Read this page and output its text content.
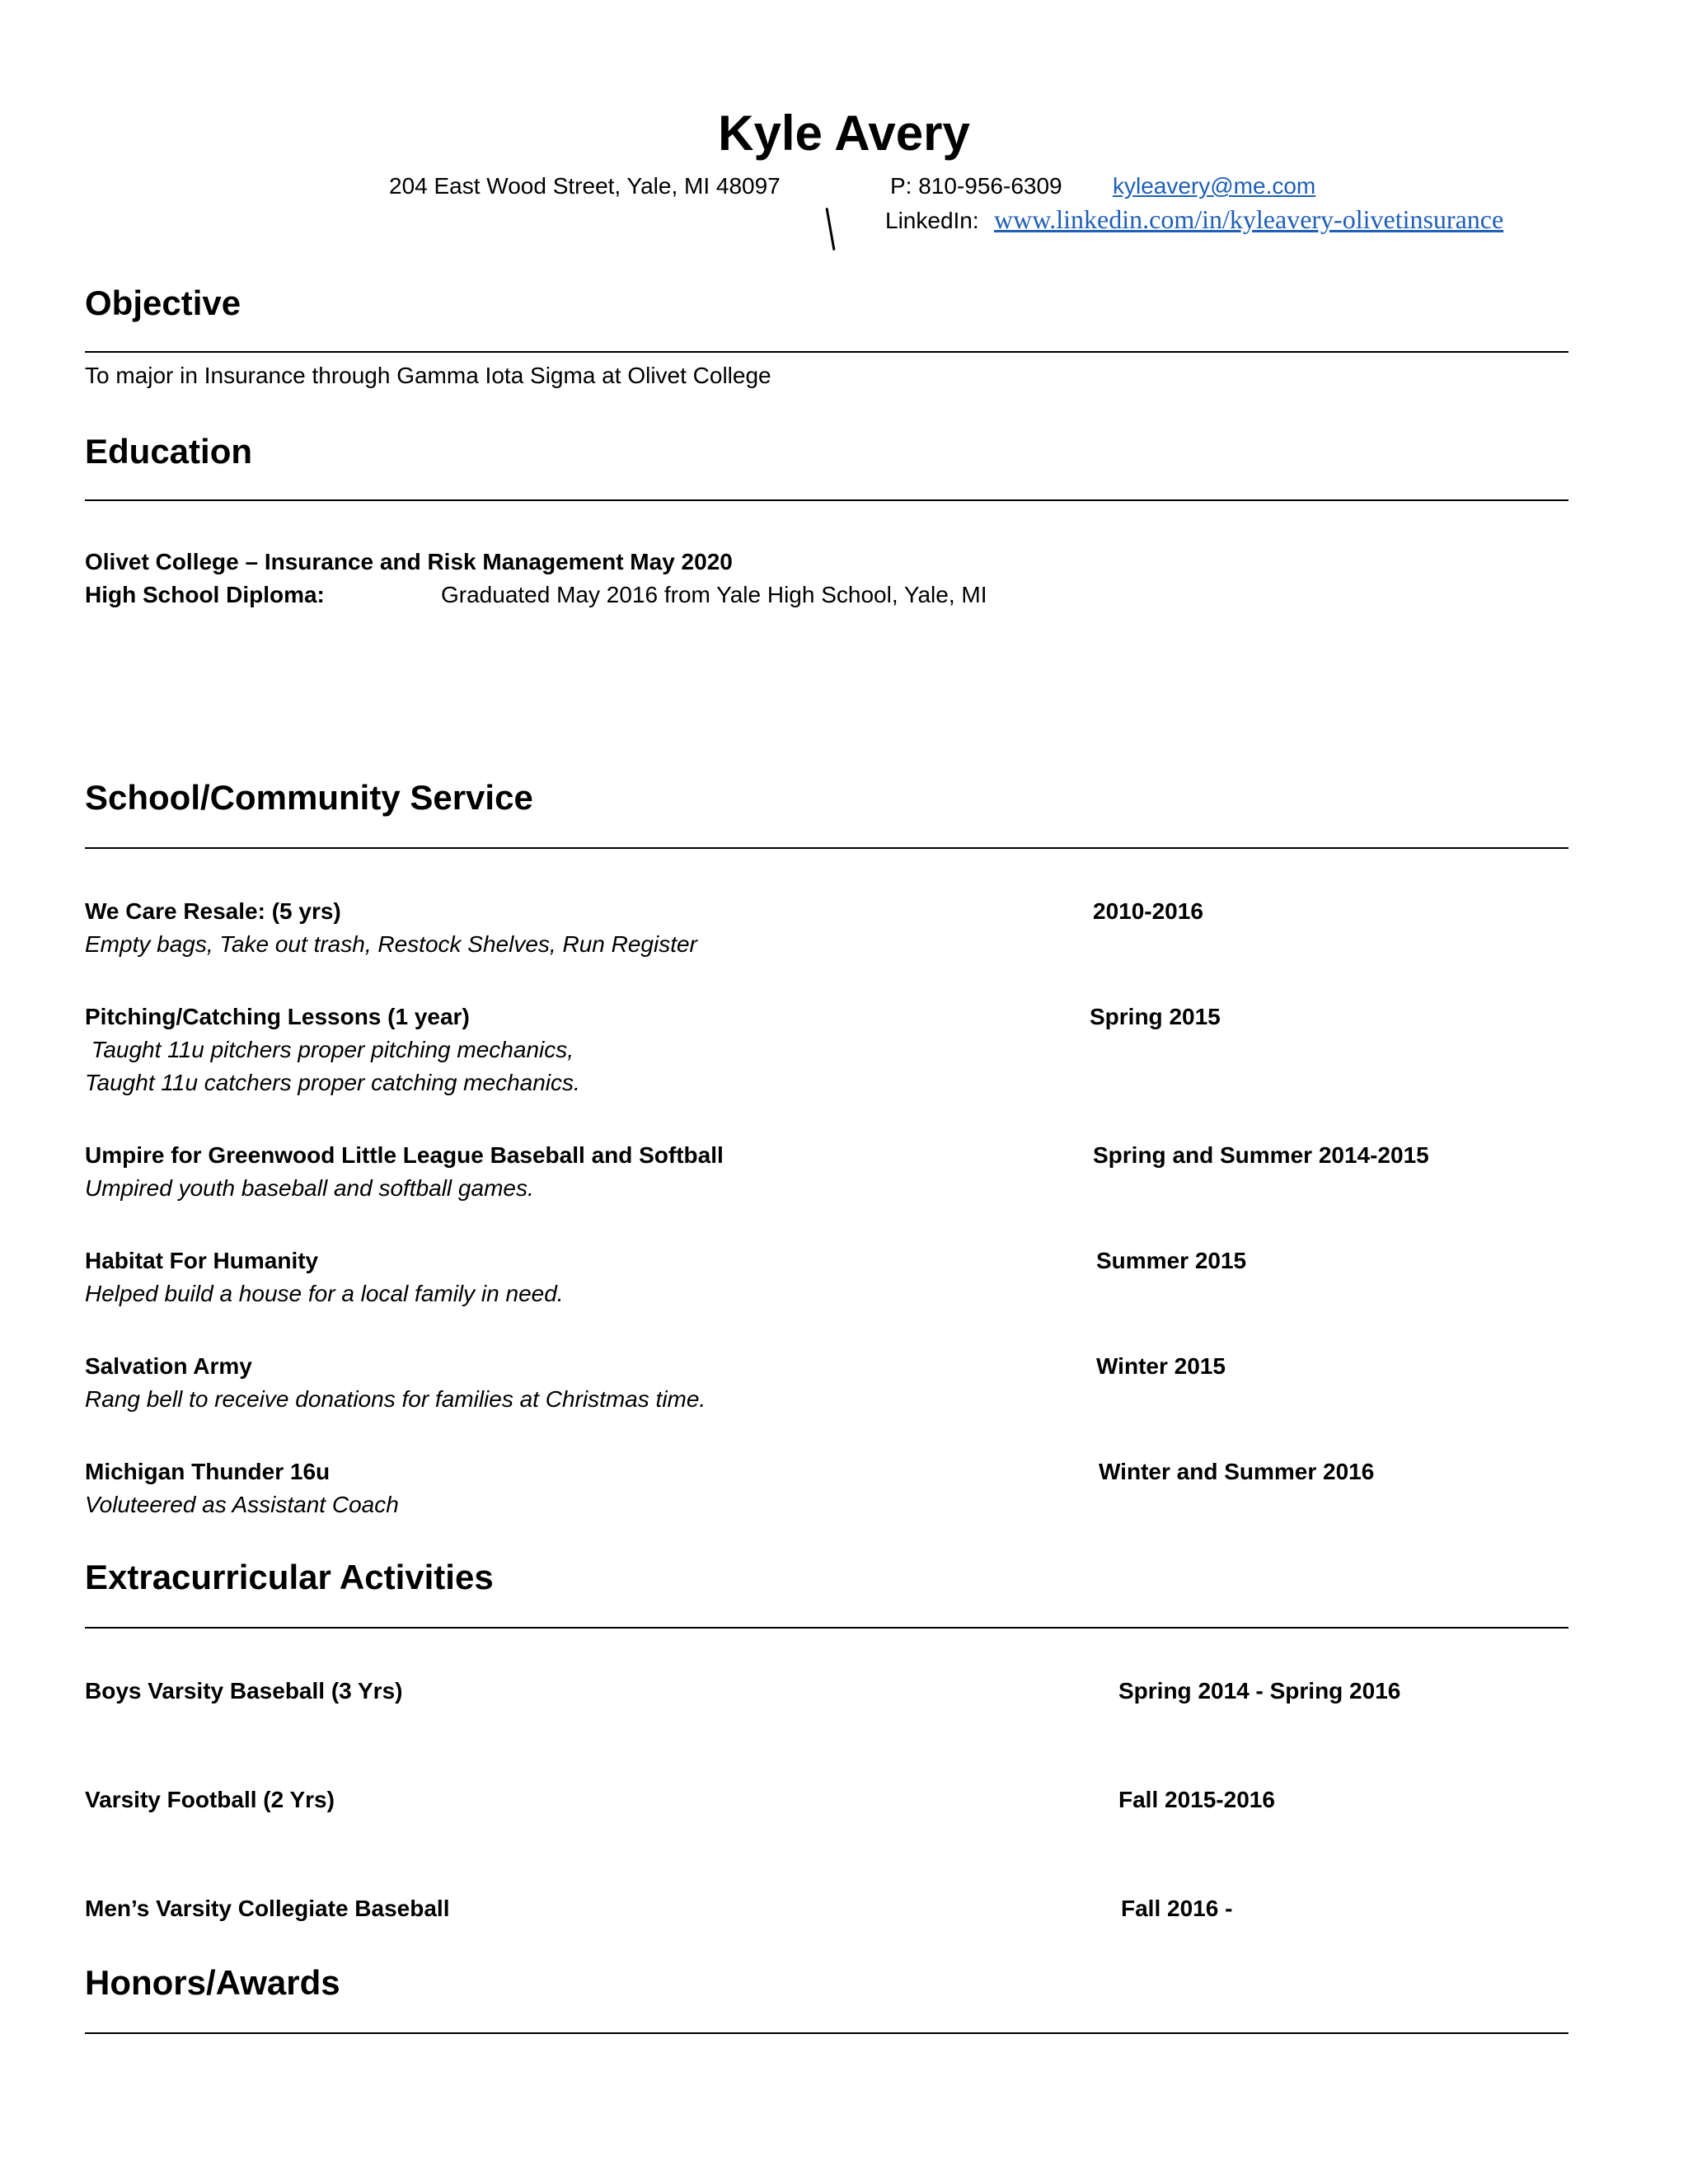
Kyle Avery
204 East Wood Street, Yale, MI 48097	P: 810-956-6309 kyleavery@me.com
LinkedIn: www.linkedin.com/in/kyleavery-olivetinsurance
Objective
To major in Insurance through Gamma Iota Sigma at Olivet College
Education
Olivet College – Insurance and Risk Management May 2020
High School Diploma:	Graduated May 2016 from Yale High School, Yale, MI
School/Community Service
We Care Resale: (5 yrs)	2010-2016
Empty bags, Take out trash, Restock Shelves, Run Register
Pitching/Catching Lessons (1 year)	Spring 2015
Taught 11u pitchers proper pitching mechanics,
Taught 11u catchers proper catching mechanics.
Umpire for Greenwood Little League Baseball and Softball	Spring and Summer 2014-2015
Umpired youth baseball and softball games.
Habitat For Humanity	Summer 2015
Helped build a house for a local family in need.
Salvation Army	Winter 2015
Rang bell to receive donations for families at Christmas time.
Michigan Thunder 16u	Winter and Summer 2016
Voluteered as Assistant Coach
Extracurricular Activities
Boys Varsity Baseball (3 Yrs)	Spring 2014 - Spring 2016
Varsity Football (2 Yrs)	Fall 2015-2016
Men’s Varsity Collegiate Baseball	Fall 2016 -
Honors/Awards
